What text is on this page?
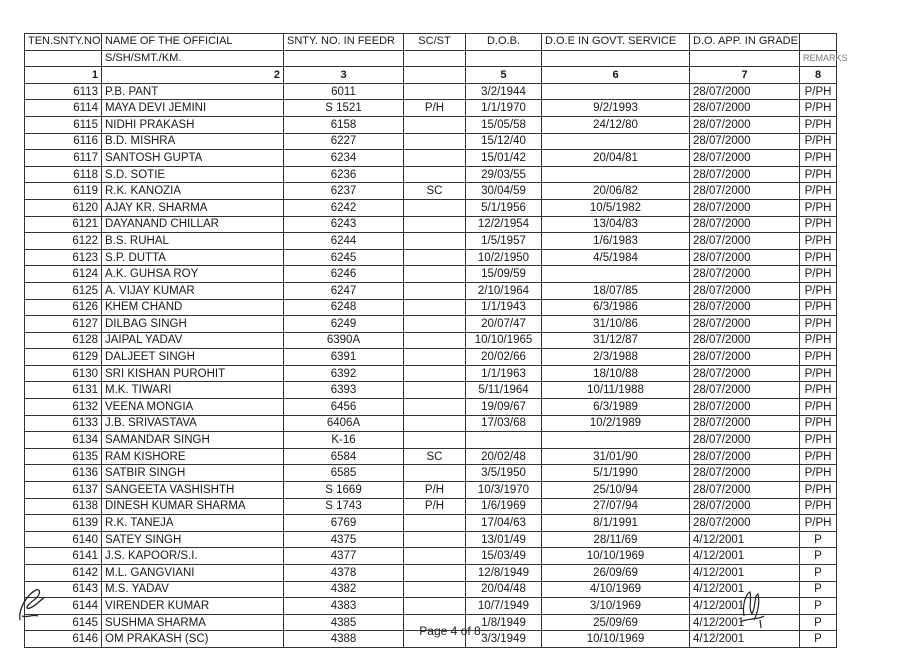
TEN.SNTY.NO	NAME OF THE OFFICIAL	SNTY. NO. IN FEEDR	SC/ST	D.O.B.	D.O.E IN GOVT. SERVICE	D.O. APP. IN GRADE	
	S/SH/SMT./KM.						REMARKS
1	2	3		5	6	7	8
6113	P.B. PANT	6011		3/2/1944		28/07/2000	P/PH
6114	MAYA DEVI JEMINI	S 1521	P/H	1/1/1970	9/2/1993	28/07/2000	P/PH
6115	NIDHI PRAKASH	6158		15/05/58	24/12/80	28/07/2000	P/PH
6116	B.D. MISHRA	6227		15/12/40		28/07/2000	P/PH
6117	SANTOSH GUPTA	6234		15/01/42	20/04/81	28/07/2000	P/PH
6118	S.D. SOTIE	6236		29/03/55		28/07/2000	P/PH
6119	R.K. KANOZIA	6237	SC	30/04/59	20/06/82	28/07/2000	P/PH
6120	AJAY KR. SHARMA	6242		5/1/1956	10/5/1982	28/07/2000	P/PH
6121	DAYANAND CHILLAR	6243		12/2/1954	13/04/83	28/07/2000	P/PH
6122	B.S. RUHAL	6244		1/5/1957	1/6/1983	28/07/2000	P/PH
6123	S.P. DUTTA	6245		10/2/1950	4/5/1984	28/07/2000	P/PH
6124	A.K. GUHSA ROY	6246		15/09/59		28/07/2000	P/PH
6125	A. VIJAY KUMAR	6247		2/10/1964	18/07/85	28/07/2000	P/PH
6126	KHEM CHAND	6248		1/1/1943	6/3/1986	28/07/2000	P/PH
6127	DILBAG SINGH	6249		20/07/47	31/10/86	28/07/2000	P/PH
6128	JAIPAL YADAV	6390A		10/10/1965	31/12/87	28/07/2000	P/PH
6129	DALJEET SINGH	6391		20/02/66	2/3/1988	28/07/2000	P/PH
6130	SRI KISHAN PUROHIT	6392		1/1/1963	18/10/88	28/07/2000	P/PH
6131	M.K. TIWARI	6393		5/11/1964	10/11/1988	28/07/2000	P/PH
6132	VEENA MONGIA	6456		19/09/67	6/3/1989	28/07/2000	P/PH
6133	J.B. SRIVASTAVA	6406A		17/03/68	10/2/1989	28/07/2000	P/PH
6134	SAMANDAR SINGH	K-16				28/07/2000	P/PH
6135	RAM KISHORE	6584	SC	20/02/48	31/01/90	28/07/2000	P/PH
6136	SATBIR SINGH	6585		3/5/1950	5/1/1990	28/07/2000	P/PH
6137	SANGEETA VASHISHTH	S 1669	P/H	10/3/1970	25/10/94	28/07/2000	P/PH
6138	DINESH KUMAR SHARMA	S 1743	P/H	1/6/1969	27/07/94	28/07/2000	P/PH
6139	R.K. TANEJA	6769		17/04/63	8/1/1991	28/07/2000	P/PH
6140	SATEY SINGH	4375		13/01/49	28/11/69	4/12/2001	P
6141	J.S. KAPOOR/S.I.	4377		15/03/49	10/10/1969	4/12/2001	P
6142	M.L. GANGVIANI	4378		12/8/1949	26/09/69	4/12/2001	P
6143	M.S. YADAV	4382		20/04/48	4/10/1969	4/12/2001	P
6144	VIRENDER KUMAR	4383		10/7/1949	3/10/1969	4/12/2001	P
6145	SUSHMA SHARMA	4385		1/8/1949	25/09/69	4/12/2001	P
6146	OM PRAKASH (SC)	4388		3/3/1949	10/10/1969	4/12/2001	P
Page 4 of 8
